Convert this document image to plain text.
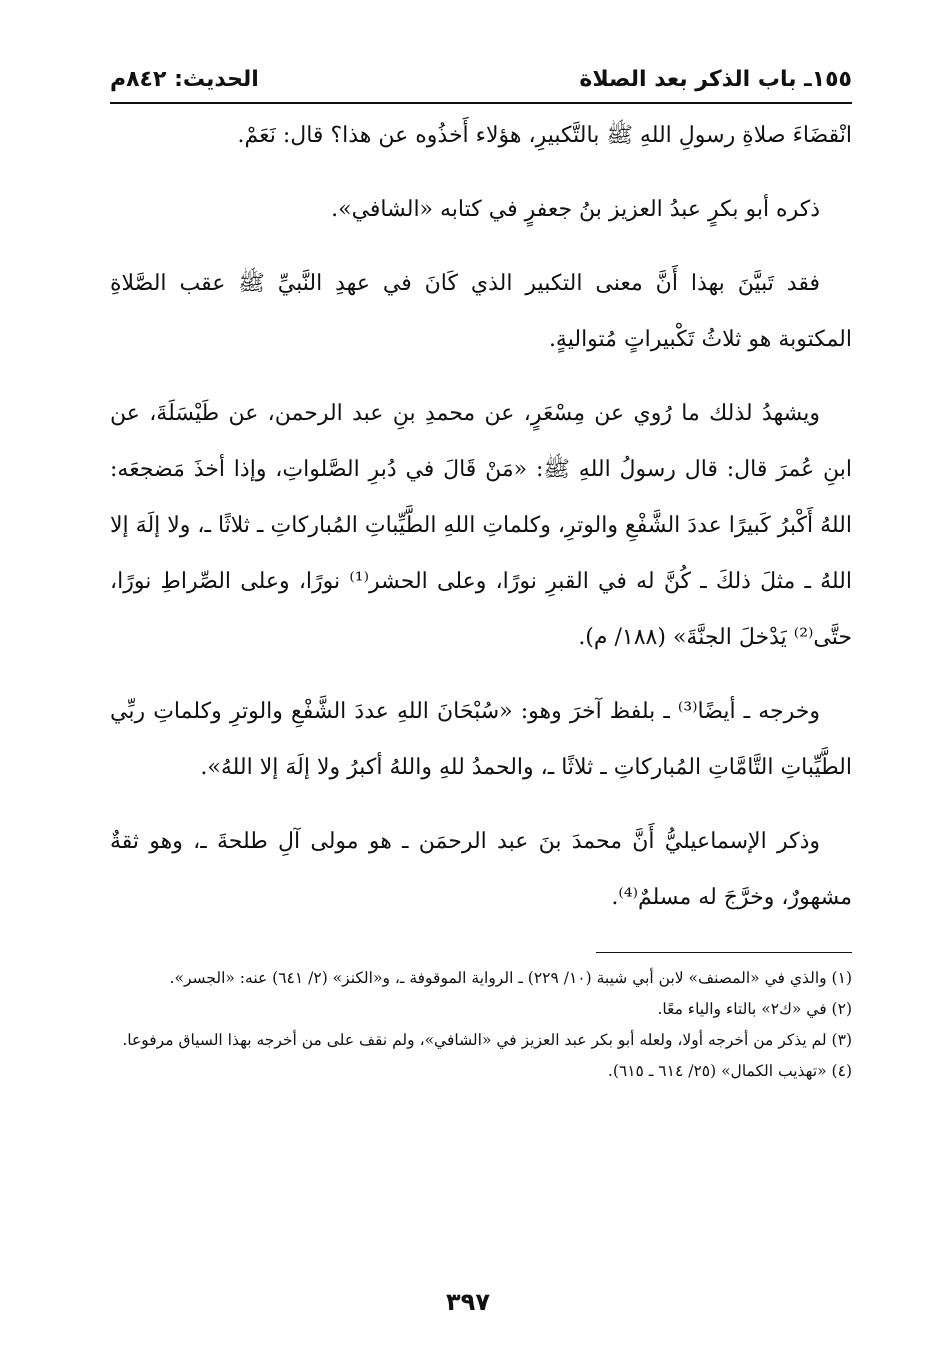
١٥٥ـ باب الذكر بعد الصلاة
الحديث: ٨٤٢م

انْقضَاءَ صلاةِ رسولِ اللهِ ﷺ بالتَّكبيرِ، هؤلاء أَخذُوه عن هذا؟ قال: نَعَمْ.

ذكره أبو بكرٍ عبدُ العزيز بنُ جعفرٍ في كتابه «الشافي».

فقد تَبيَّنَ بهذا أَنَّ معنى التكبير الذي كَانَ في عهدِ النَّبيِّ ﷺ عقب الصَّلاةِ المكتوبة هو ثلاثُ تَكْبيراتٍ مُتواليةٍ.

ويشهدُ لذلك ما رُوي عن مِسْعَرٍ، عن محمدِ بنِ عبد الرحمن، عن طَيْسَلَةَ، عن ابنِ عُمرَ قال: قال رسولُ اللهِ ﷺ: «مَنْ قَالَ في دُبرِ الصَّلواتِ، وإذا أخذَ مَضجعَه: اللهُ أَكْبرُ كَبيرًا عددَ الشَّفْعِ والوترِ، وكلماتِ اللهِ الطَّيِّباتِ المُباركاتِ ـ ثلاثًا ـ، ولا إلَهَ إلا اللهُ ـ مثلَ ذلكَ ـ كُنَّ له في القبرِ نورًا، وعلى الحشر⁽¹⁾ نورًا، وعلى الصِّراطِ نورًا، حتَّى⁽²⁾ يَدْخلَ الجنَّةَ» (١٨٨/ م).

وخرجه ـ أيضًا⁽³⁾ ـ بلفظ آخرَ وهو: «سُبْحَانَ اللهِ عددَ الشَّفْعِ والوترِ وكلماتِ ربِّي الطَّيِّباتِ التَّامَّاتِ المُباركاتِ ـ ثلاثًا ـ، والحمدُ للهِ واللهُ أكبرُ ولا إلَهَ إلا اللهُ».

وذكر الإسماعيليُّ أَنَّ محمدَ بنَ عبد الرحمَن ـ هو مولى آلِ طلحةَ ـ، وهو ثقةٌ مشهورٌ، وخرَّجَ له مسلمٌ⁽⁴⁾.

(١) والذي في «المصنف» لابن أبي شيبة (١٠/ ٢٢٩) ـ الرواية الموقوفة ـ، و«الكنز» (٢/ ٦٤١) عنه: «الجسر».

(٢) في «ك٢» بالتاء والياء معًا.

(٣) لم يذكر من أخرجه أولا، ولعله أبو بكر عبد العزيز في «الشافي»، ولم نقف على من أخرجه بهذا السياق مرفوعا.

(٤) «تهذيب الكمال» (٢٥/ ٦١٤ ـ ٦١٥).

٣٩٧
